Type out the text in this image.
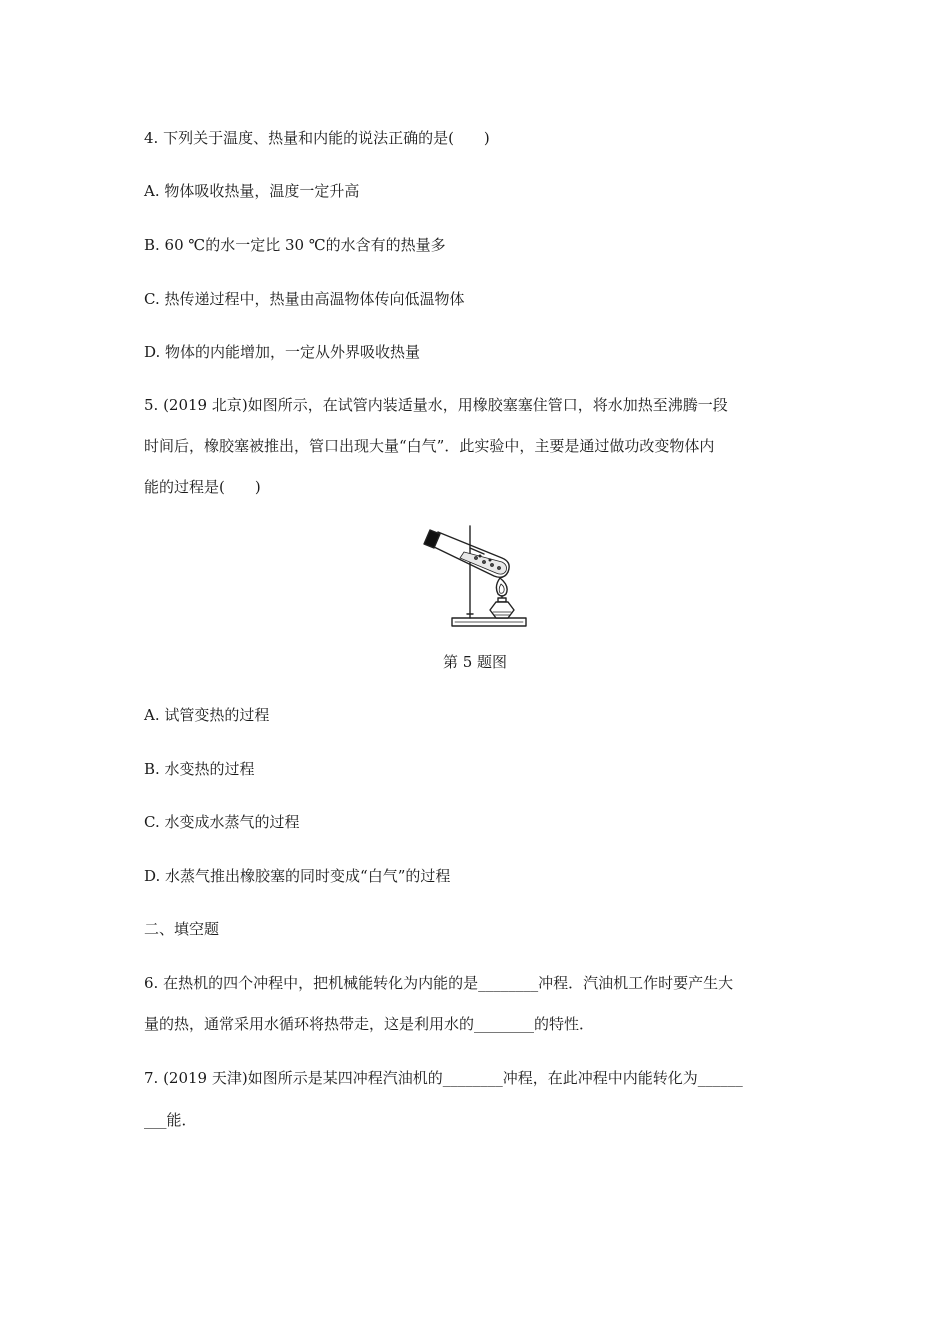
4. 下列关于温度、热量和内能的说法正确的是(　　)
A. 物体吸收热量，温度一定升高
B. 60 ℃的水一定比 30 ℃的水含有的热量多
C. 热传递过程中，热量由高温物体传向低温物体
D. 物体的内能增加，一定从外界吸收热量
5. (2019 北京)如图所示，在试管内装适量水，用橡胶塞塞住管口，将水加热至沸腾一段
时间后，橡胶塞被推出，管口出现大量“白气”．此实验中，主要是通过做功改变物体内
能的过程是(　　)
第 5 题图
A. 试管变热的过程
B. 水变热的过程
C. 水变成水蒸气的过程
D. 水蒸气推出橡胶塞的同时变成“白气”的过程
二、填空题
6. 在热机的四个冲程中，把机械能转化为内能的是________冲程．汽油机工作时要产生大
量的热，通常采用水循环将热带走，这是利用水的________的特性．
7. (2019 天津)如图所示是某四冲程汽油机的________冲程，在此冲程中内能转化为______
___能．
